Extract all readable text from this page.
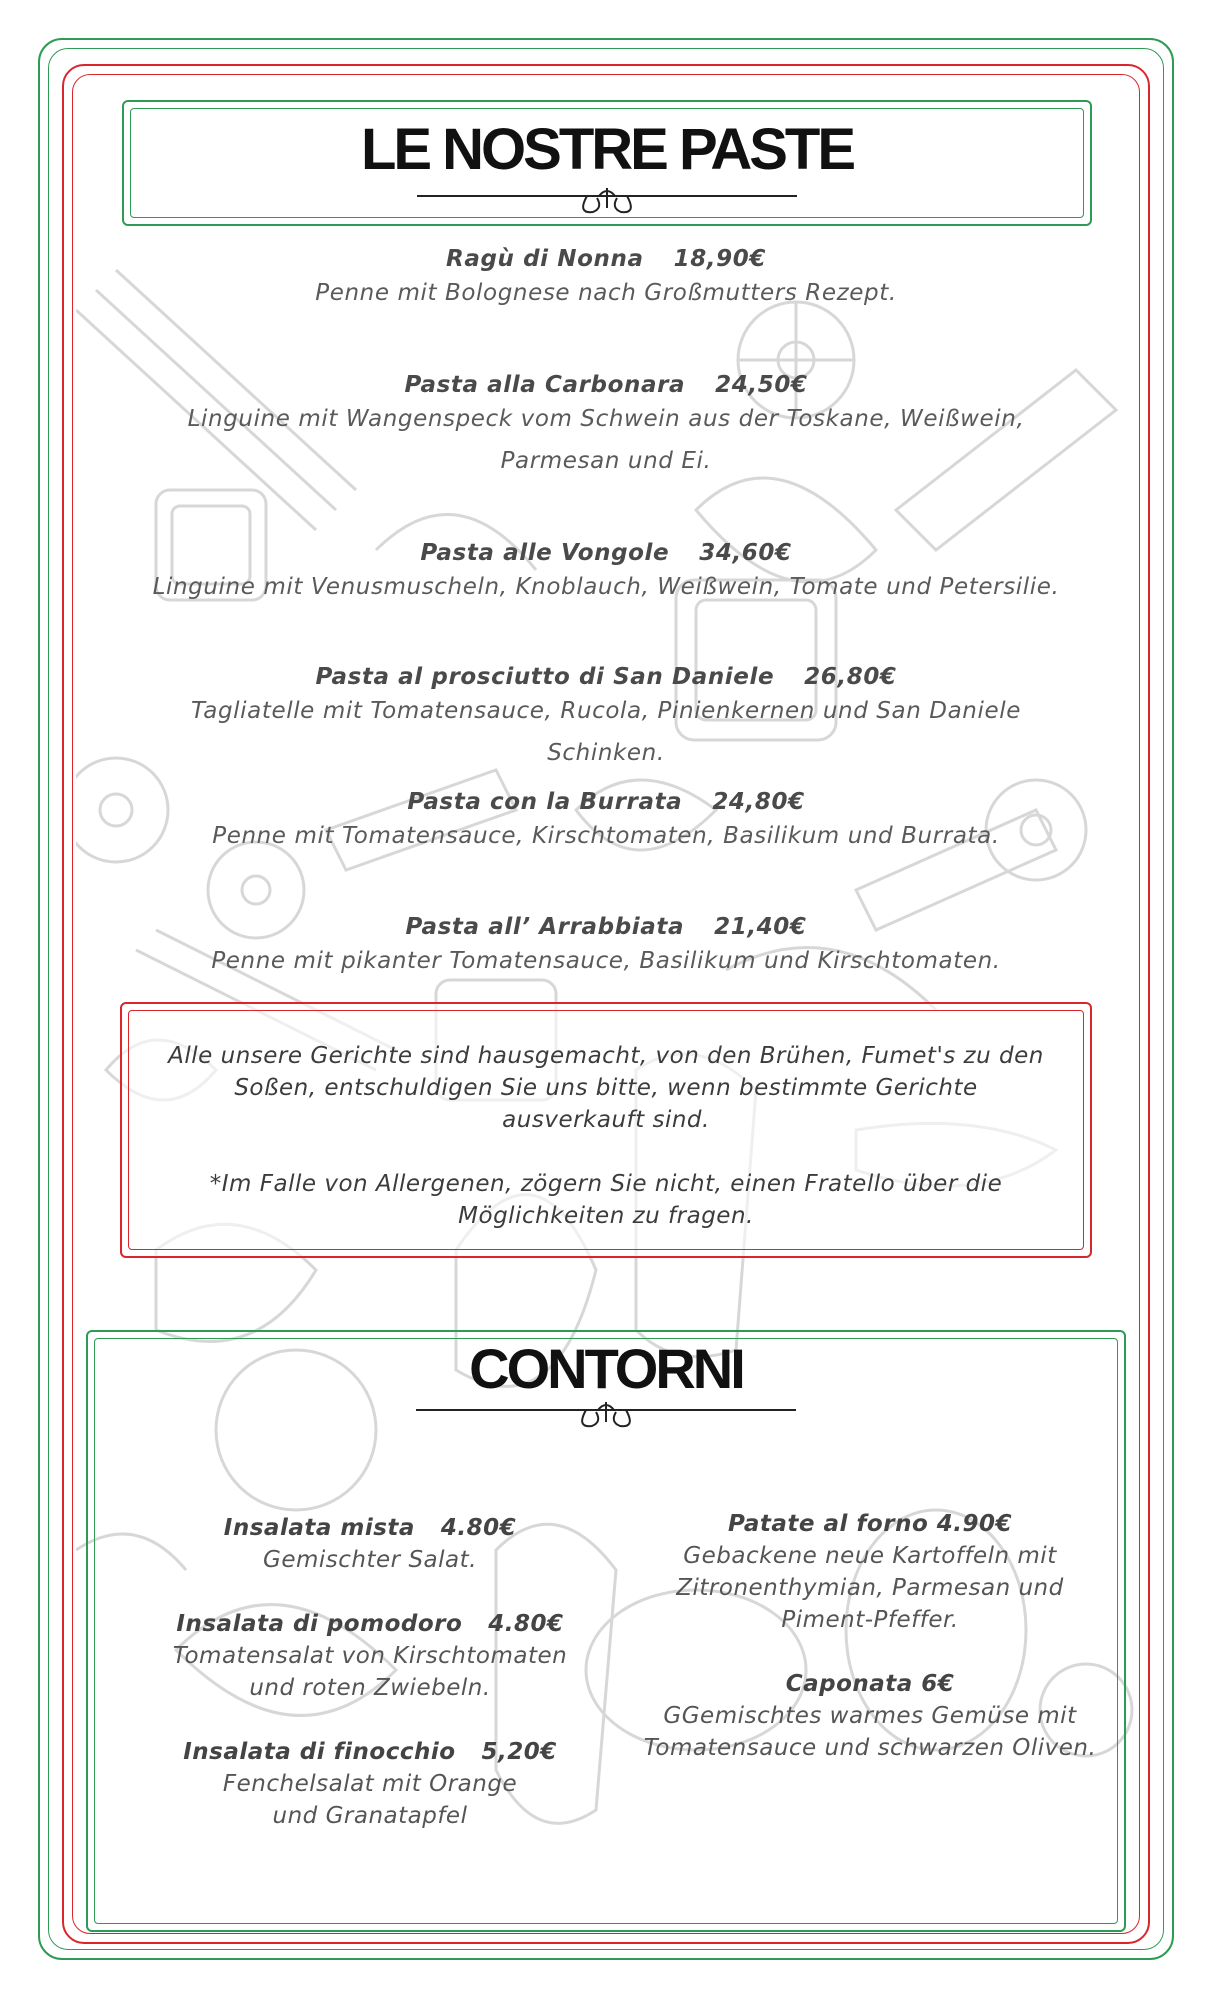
LE NOSTRE PASTE
Ragù di Nonna 18,90€
Penne mit Bolognese nach Großmutters Rezept.
Pasta alla Carbonara 24,50€
Linguine mit Wangenspeck vom Schwein aus der Toskane, Weißwein,
Parmesan und Ei.
Pasta alle Vongole 34,60€
Linguine mit Venusmuscheln, Knoblauch, Weißwein, Tomate und Petersilie.
Pasta al prosciutto di San Daniele 26,80€
Tagliatelle mit Tomatensauce, Rucola, Pinienkernen und San Daniele
Schinken.
Pasta con la Burrata 24,80€
Penne mit Tomatensauce, Kirschtomaten, Basilikum und Burrata.
Pasta all’ Arrabbiata 21,40€
Penne mit pikanter Tomatensauce, Basilikum und Kirschtomaten.
Alle unsere Gerichte sind hausgemacht, von den Brühen, Fumet's zu den
Soßen, entschuldigen Sie uns bitte, wenn bestimmte Gerichte
ausverkauft sind.
*Im Falle von Allergenen, zögern Sie nicht, einen Fratello über die
Möglichkeiten zu fragen.
CONTORNI
Insalata mista 4.80€
Gemischter Salat.
Insalata di pomodoro 4.80€
Tomatensalat von Kirschtomaten
und roten Zwiebeln.
Insalata di finocchio 5,20€
Fenchelsalat mit Orange
und Granatapfel
Patate al forno 4.90€
Gebackene neue Kartoffeln mit
Zitronenthymian, Parmesan und
Piment-Pfeffer.
Caponata 6€
GGemischtes warmes Gemüse mit
Tomatensauce und schwarzen Oliven.
